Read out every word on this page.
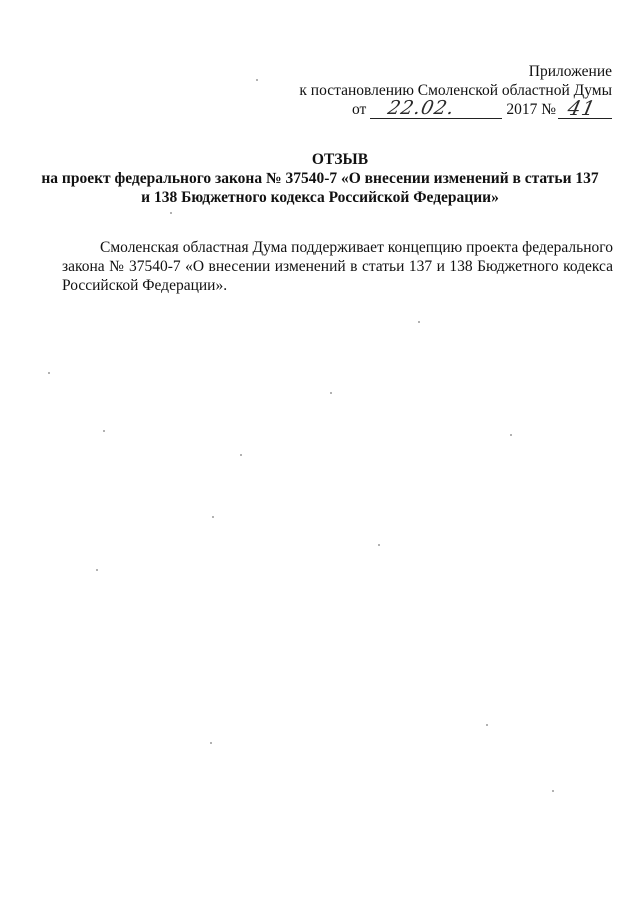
Приложение
к постановлению Смоленской областной Думы
от 22.02.	2017 № 41
ОТЗЫВ
на проект федерального закона № 37540-7 «О внесении изменений в статьи 137
и 138 Бюджетного кодекса Российской Федерации»
Смоленская областная Дума поддерживает концепцию проекта федерального закона № 37540-7 «О внесении изменений в статьи 137 и 138 Бюджетного кодекса Российской Федерации».
